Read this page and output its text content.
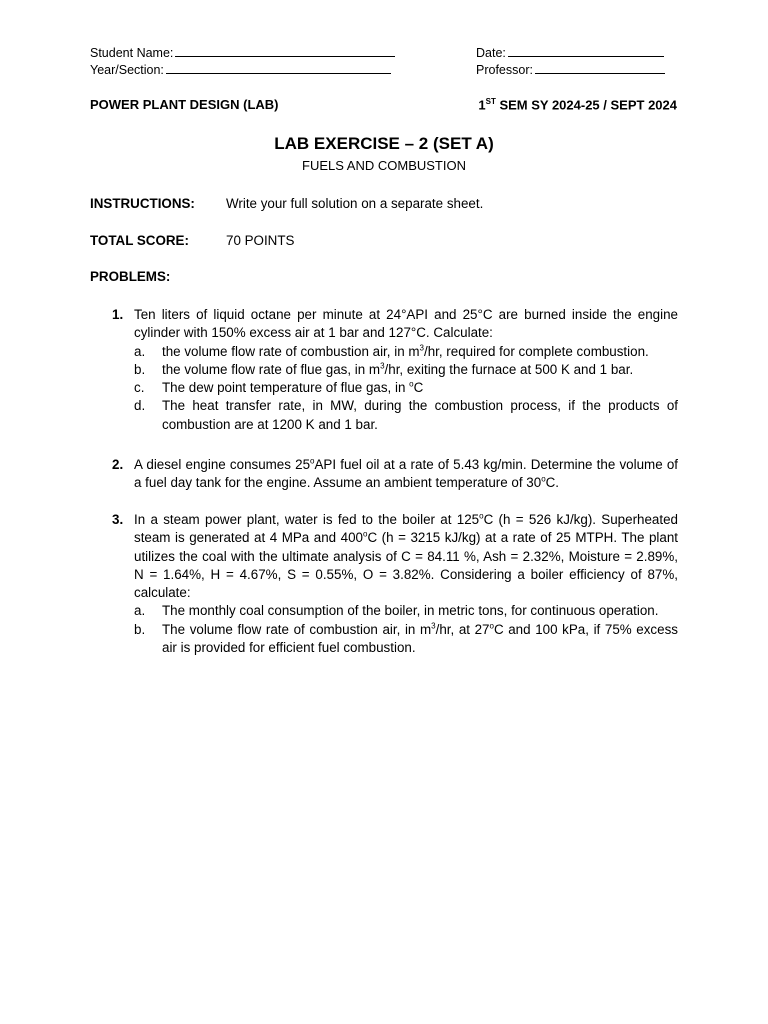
Student Name:
Year/Section:
Date:
Professor:
POWER PLANT DESIGN (LAB)	1ST SEM SY 2024-25 / SEPT 2024
LAB EXERCISE – 2 (SET A)
FUELS AND COMBUSTION
INSTRUCTIONS: Write your full solution on a separate sheet.
TOTAL SCORE:	70 POINTS
PROBLEMS:
1. Ten liters of liquid octane per minute at 24°API and 25°C are burned inside the engine cylinder with 150% excess air at 1 bar and 127°C. Calculate:

a.	the volume flow rate of combustion air, in $m^3/hr$, required for complete combustion.
b.	the volume flow rate of flue gas, in $m^3/hr$, exiting the furnace at 500 K and 1 bar.
c.	The dew point temperature of flue gas, in $^o$C
d.	The heat transfer rate, in MW, during the combustion process, if the products of combustion are at 1200 K and 1 bar.
2. A diesel engine consumes 25$^o$API fuel oil at a rate of 5.43 kg/min. Determine the volume of a fuel day tank for the engine. Assume an ambient temperature of 30$^o$C.

3. In a steam power plant, water is fed to the boiler at 125$^o$C (h = 526 kJ/kg). Superheated steam is generated at 4 MPa and 400$^o$C (h = 3215 kJ/kg) at a rate of 25 MTPH. The plant utilizes the coal with the ultimate analysis of C = 84.11 %, Ash = 2.32%, Moisture = 2.89%, N = 1.64%, H = 4.67%, S = 0.55%, O = 3.82%. Considering a boiler efficiency of 87%, calculate:

a.	The monthly coal consumption of the boiler, in metric tons, for continuous operation.
b.	The volume flow rate of combustion air, in $m^3/hr$, at 27$^o$C and 100 kPa, if 75% excess air is provided for efficient fuel combustion.
